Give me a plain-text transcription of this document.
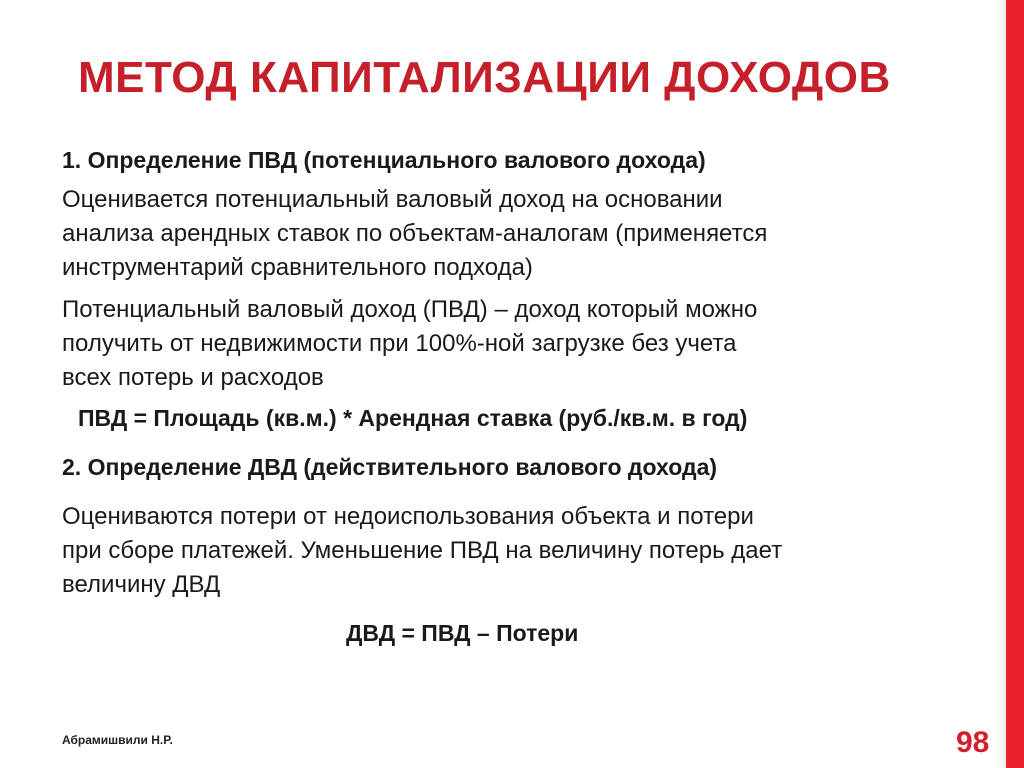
МЕТОД КАПИТАЛИЗАЦИИ ДОХОДОВ
1. Определение ПВД (потенциального валового дохода)
Оценивается потенциальный валовый доход на основании
анализа арендных ставок по объектам-аналогам (применяется
инструментарий сравнительного подхода)
Потенциальный валовый доход (ПВД) – доход который можно
получить от недвижимости при 100%-ной загрузке без учета
всех потерь и расходов
ПВД = Площадь (кв.м.) * Арендная ставка (руб./кв.м. в год)
2. Определение ДВД (действительного валового дохода)
Оцениваются потери от недоиспользования объекта и потери
при сборе платежей. Уменьшение ПВД на величину потерь дает
величину ДВД
ДВД = ПВД – Потери
Абрамишвили Н.Р.	98
